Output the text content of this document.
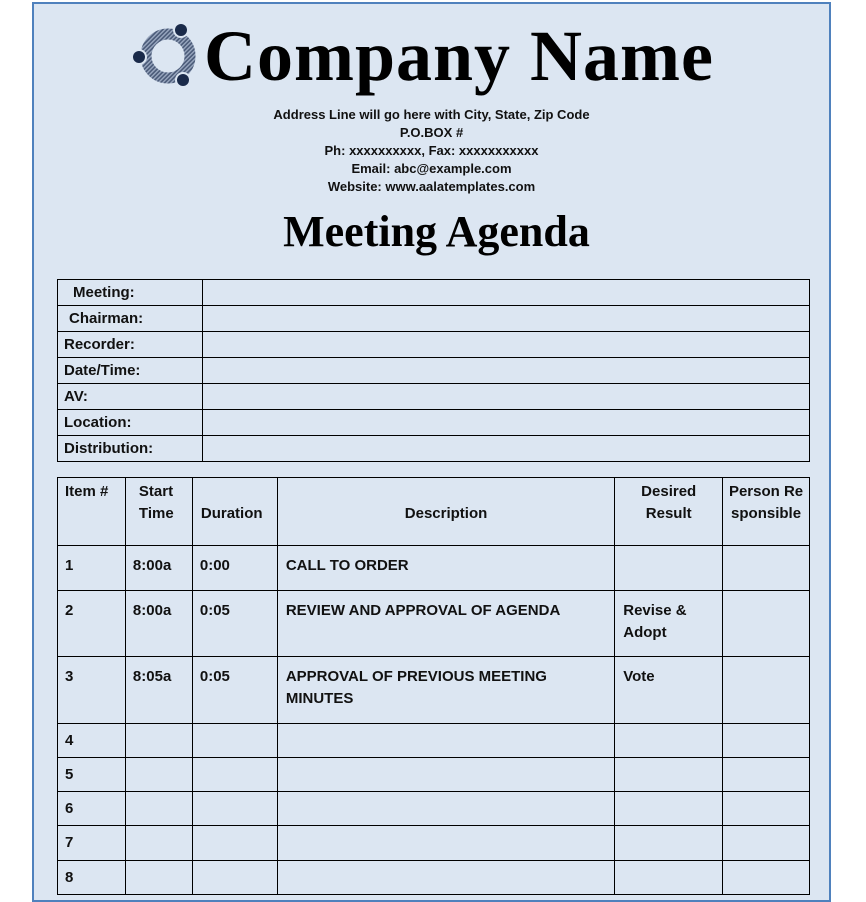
Company Name
Address Line will go here with City, State, Zip Code
P.O.BOX #
Ph: xxxxxxxxxx, Fax: xxxxxxxxxxx
Email: abc@example.com
Website: www.aalatemplates.com
Meeting Agenda
Meeting:	
Chairman:	
Recorder:	
Date/Time:	
AV:	
Location:	
Distribution:	
Item #	Start Time	Duration	Description	Desired Result	Person Responsible
1	8:00a	0:00	CALL TO ORDER		
2	8:00a	0:05	REVIEW AND APPROVAL OF AGENDA	Revise & Adopt	
3	8:05a	0:05	APPROVAL OF PREVIOUS MEETING MINUTES	Vote	
4					
5					
6					
7					
8					
